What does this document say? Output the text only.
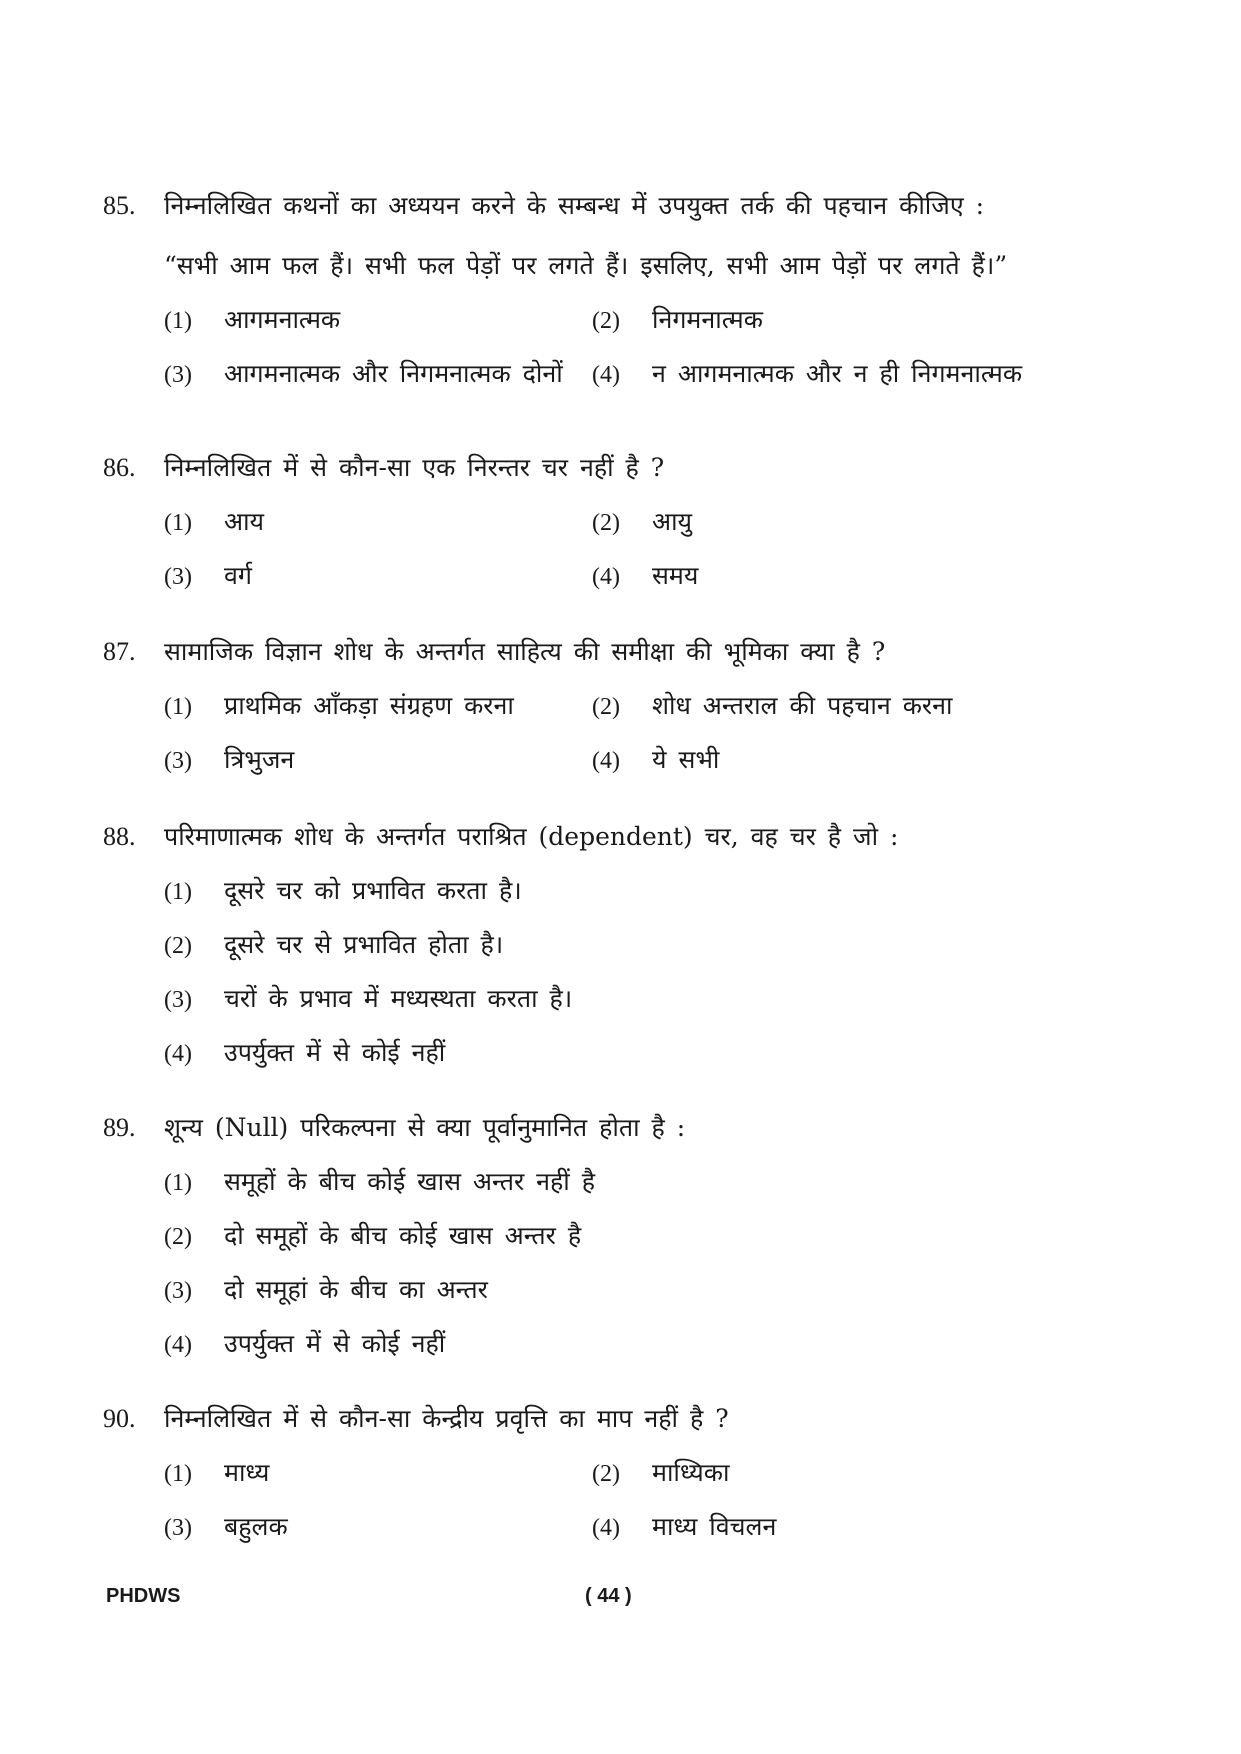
85.	निम्नलिखित कथनों का अध्ययन करने के सम्बन्ध में उपयुक्त तर्क की पहचान कीजिए :
“सभी आम फल हैं। सभी फल पेड़ों पर लगते हैं। इसलिए, सभी आम पेड़ों पर लगते हैं।”
(1)	आगमनात्मक	(2)	निगमनात्मक
(3)	आगमनात्मक और निगमनात्मक दोनों (4)	न आगमनात्मक और न ही निगमनात्मक
86.	निम्नलिखित में से कौन-सा एक निरन्तर चर नहीं है ?
(1)	आय	(2)	आयु
(3)	वर्ग	(4)	समय
87.	सामाजिक विज्ञान शोध के अन्तर्गत साहित्य की समीक्षा की भूमिका क्या है ?
(1)	प्राथमिक आँकड़ा संग्रहण करना	(2)	शोध अन्तराल की पहचान करना
(3)	त्रिभुजन	(4)	ये सभी
88.	परिमाणात्मक शोध के अन्तर्गत पराश्रित (dependent) चर, वह चर है जो :
(1)	दूसरे चर को प्रभावित करता है।
(2)	दूसरे चर से प्रभावित होता है।
(3)	चरों के प्रभाव में मध्यस्थता करता है।
(4)	उपर्युक्त में से कोई नहीं
89.	शून्य (Null) परिकल्पना से क्या पूर्वानुमानित होता है :
(1)	समूहों के बीच कोई खास अन्तर नहीं है
(2)	दो समूहों के बीच कोई खास अन्तर है
(3)	दो समूहां के बीच का अन्तर
(4)	उपर्युक्त में से कोई नहीं
90.	निम्नलिखित में से कौन-सा केन्द्रीय प्रवृत्ति का माप नहीं है ?
(1)	माध्य	(2)	माध्यिका
(3)	बहुलक	(4)	माध्य विचलन
PHDWS	( 44 )
